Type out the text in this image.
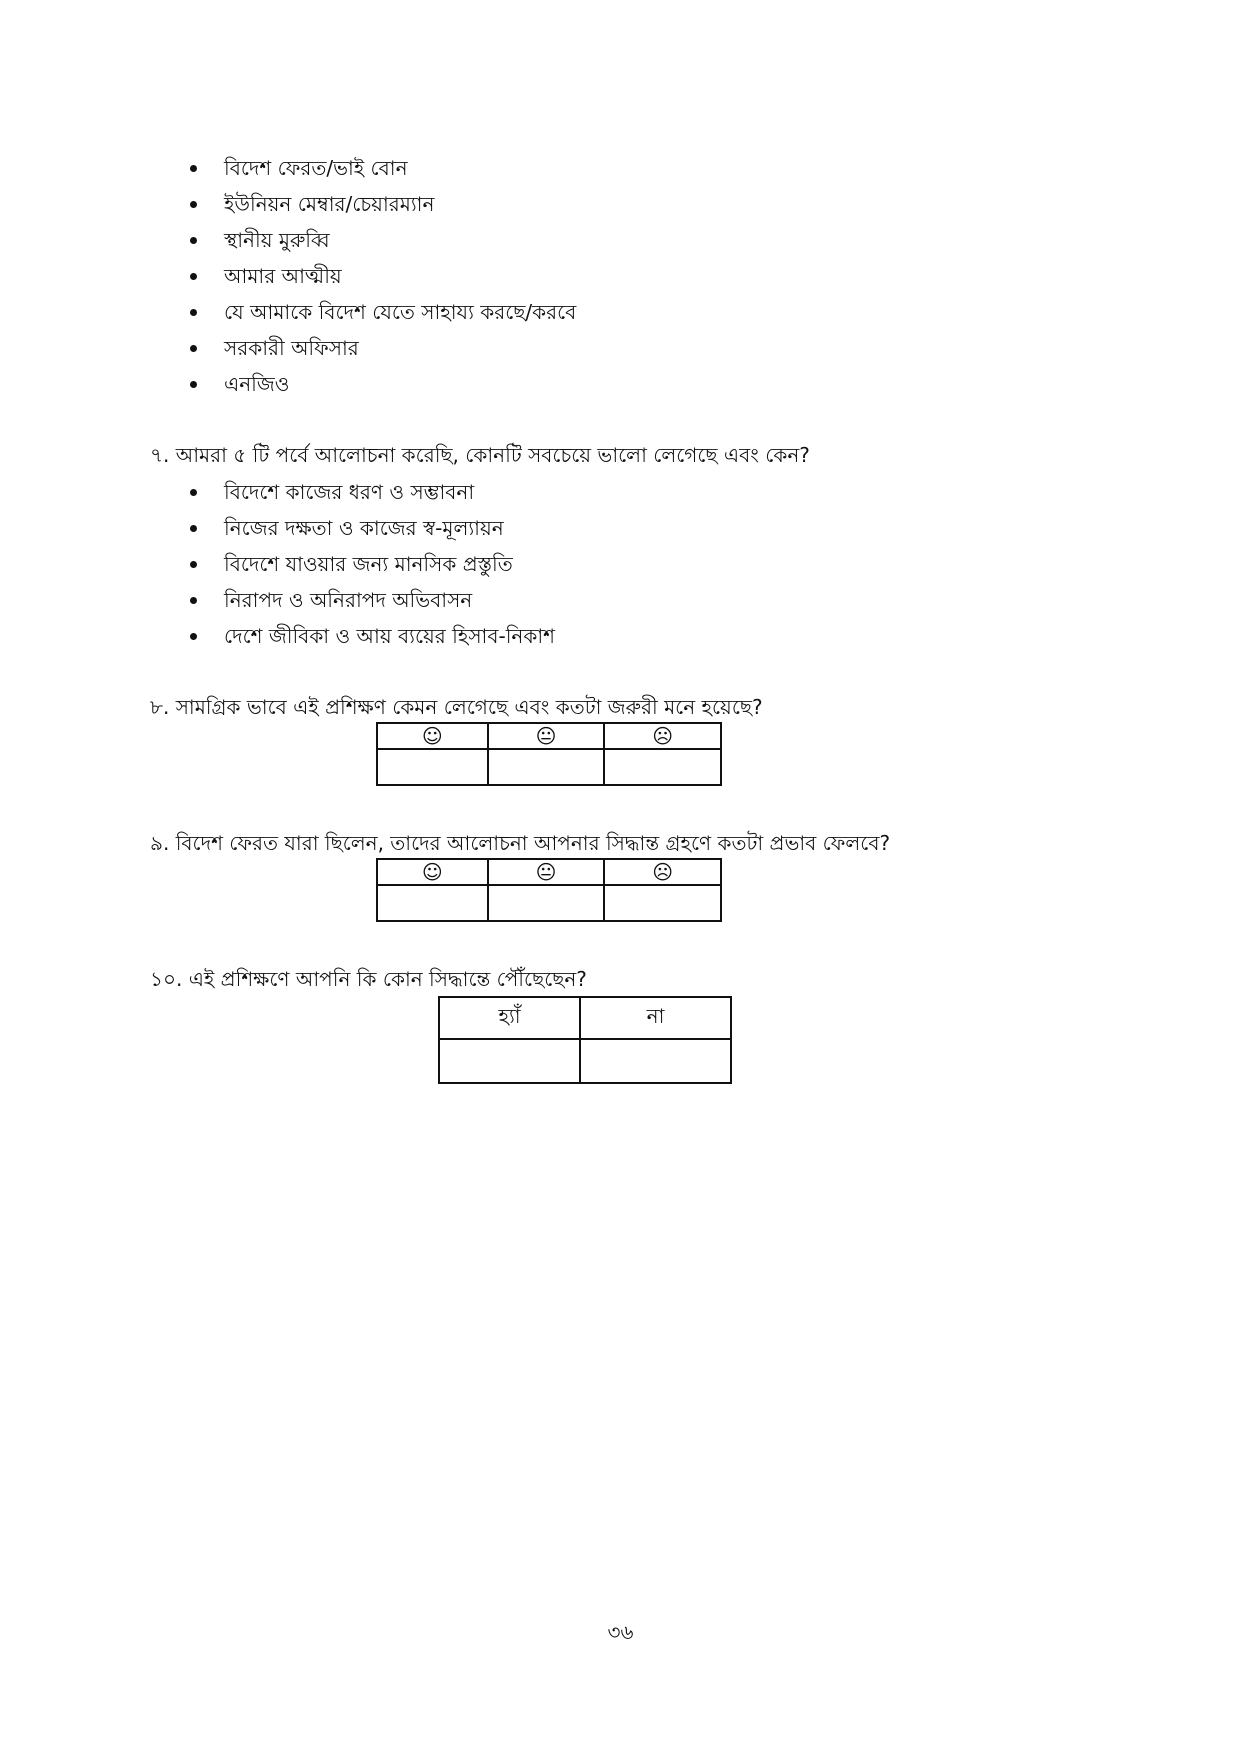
বিদেশ ফেরত/ভাই বোন
ইউনিয়ন মেম্বার/চেয়ারম্যান
স্থানীয় মুরুব্বি
আমার আত্মীয়
যে আমাকে বিদেশ যেতে সাহায্য করছে/করবে
সরকারী অফিসার
এনজিও
৭. আমরা ৫ টি পর্বে আলোচনা করেছি, কোনটি সবচেয়ে ভালো লেগেছে এবং কেন?
বিদেশে কাজের ধরণ ও সম্ভাবনা
নিজের দক্ষতা ও কাজের স্ব-মূল্যায়ন
বিদেশে যাওয়ার জন্য মানসিক প্রস্তুতি
নিরাপদ ও অনিরাপদ অভিবাসন
দেশে জীবিকা ও আয় ব্যয়ের হিসাব-নিকাশ
৮. সামগ্রিক ভাবে এই প্রশিক্ষণ কেমন লেগেছে এবং কতটা জরুরী মনে হয়েছে?
☺	😐	☹

৯. বিদেশ ফেরত যারা ছিলেন, তাদের আলোচনা আপনার সিদ্ধান্ত গ্রহণে কতটা প্রভাব ফেলবে?
☺	😐	☹

১০. এই প্রশিক্ষণে আপনি কি কোন সিদ্ধান্তে পৌঁছেছেন?
হ্যাঁ	না

৩৬
